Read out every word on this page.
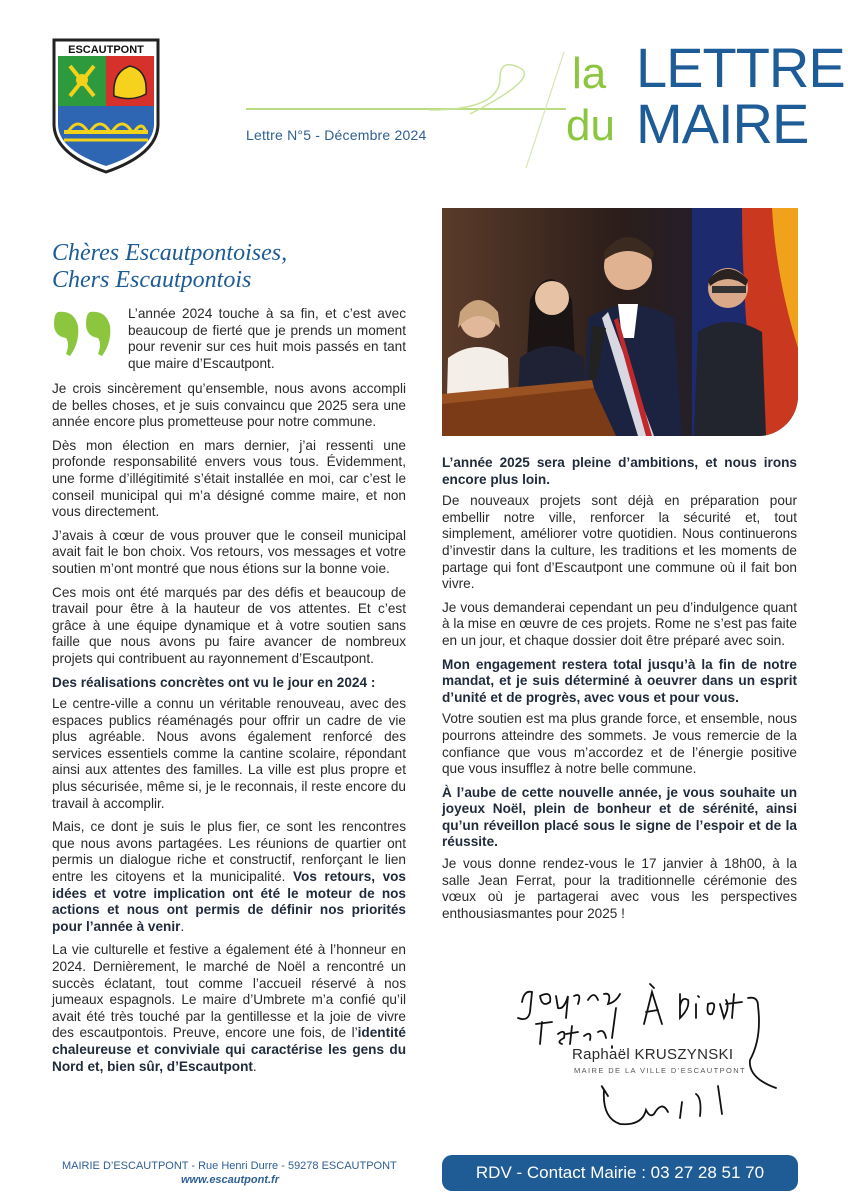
ESCAUTPONT
Lettre N°5 - Décembre 2024
la
du
LETTRE
MAIRE
Chères Escautpontoises,
Chers Escautpontois
L’année 2024 touche à sa fin, et c’est avec beaucoup de fierté que je prends un moment pour revenir sur ces huit mois passés en tant que maire d’Escautpont.

Je crois sincèrement qu’ensemble, nous avons accompli de belles choses, et je suis convaincu que 2025 sera une année encore plus prometteuse pour notre commune.

Dès mon élection en mars dernier, j’ai ressenti une profonde responsabilité envers vous tous. Évidemment, une forme d’illégitimité s’était installée en moi, car c’est le conseil municipal qui m’a désigné comme maire, et non vous directement.

J’avais à cœur de vous prouver que le conseil municipal avait fait le bon choix. Vos retours, vos messages et votre soutien m’ont montré que nous étions sur la bonne voie.

Ces mois ont été marqués par des défis et beaucoup de travail pour être à la hauteur de vos attentes. Et c’est grâce à une équipe dynamique et à votre soutien sans faille que nous avons pu faire avancer de nombreux projets qui contribuent au rayonnement d’Escautpont.

Des réalisations concrètes ont vu le jour en 2024 :

Le centre-ville a connu un véritable renouveau, avec des espaces publics réaménagés pour offrir un cadre de vie plus agréable. Nous avons également renforcé des services essentiels comme la cantine scolaire, répondant ainsi aux attentes des familles. La ville est plus propre et plus sécurisée, même si, je le reconnais, il reste encore du travail à accomplir.

Mais, ce dont je suis le plus fier, ce sont les rencontres que nous avons partagées. Les réunions de quartier ont permis un dialogue riche et constructif, renforçant le lien entre les citoyens et la municipalité. Vos retours, vos idées et votre implication ont été le moteur de nos actions et nous ont permis de définir nos priorités pour l’année à venir.

La vie culturelle et festive a également été à l’honneur en 2024. Dernièrement, le marché de Noël a rencontré un succès éclatant, tout comme l’accueil réservé à nos jumeaux espagnols. Le maire d’Umbrete m’a confié qu’il avait été très touché par la gentillesse et la joie de vivre des escautpontois. Preuve, encore une fois, de l’identité chaleureuse et conviviale qui caractérise les gens du Nord et, bien sûr, d’Escautpont.

L’année 2025 sera pleine d’ambitions, et nous irons encore plus loin.

De nouveaux projets sont déjà en préparation pour embellir notre ville, renforcer la sécurité et, tout simplement, améliorer votre quotidien. Nous continuerons d’investir dans la culture, les traditions et les moments de partage qui font d’Escautpont une commune où il fait bon vivre.

Je vous demanderai cependant un peu d’indulgence quant à la mise en œuvre de ces projets. Rome ne s’est pas faite en un jour, et chaque dossier doit être préparé avec soin.

Mon engagement restera total jusqu’à la fin de notre mandat, et je suis déterminé à oeuvrer dans un esprit d’unité et de progrès, avec vous et pour vous.

Votre soutien est ma plus grande force, et ensemble, nous pourrons atteindre des sommets. Je vous remercie de la confiance que vous m’accordez et de l’énergie positive que vous insufflez à notre belle commune.

À l’aube de cette nouvelle année, je vous souhaite un joyeux Noël, plein de bonheur et de sérénité, ainsi qu’un réveillon placé sous le signe de l’espoir et de la réussite.

Je vous donne rendez-vous le 17 janvier à 18h00, à la salle Jean Ferrat, pour la traditionnelle cérémonie des vœux où je partagerai avec vous les perspectives enthousiasmantes pour 2025 !

Raphaël KRUSZYNSKI
MAIRE DE LA VILLE D’ESCAUTPONT
MAIRIE D’ESCAUTPONT - Rue Henri Durre - 59278 ESCAUTPONT
www.escautpont.fr	RDV - Contact Mairie : 03 27 28 51 70
